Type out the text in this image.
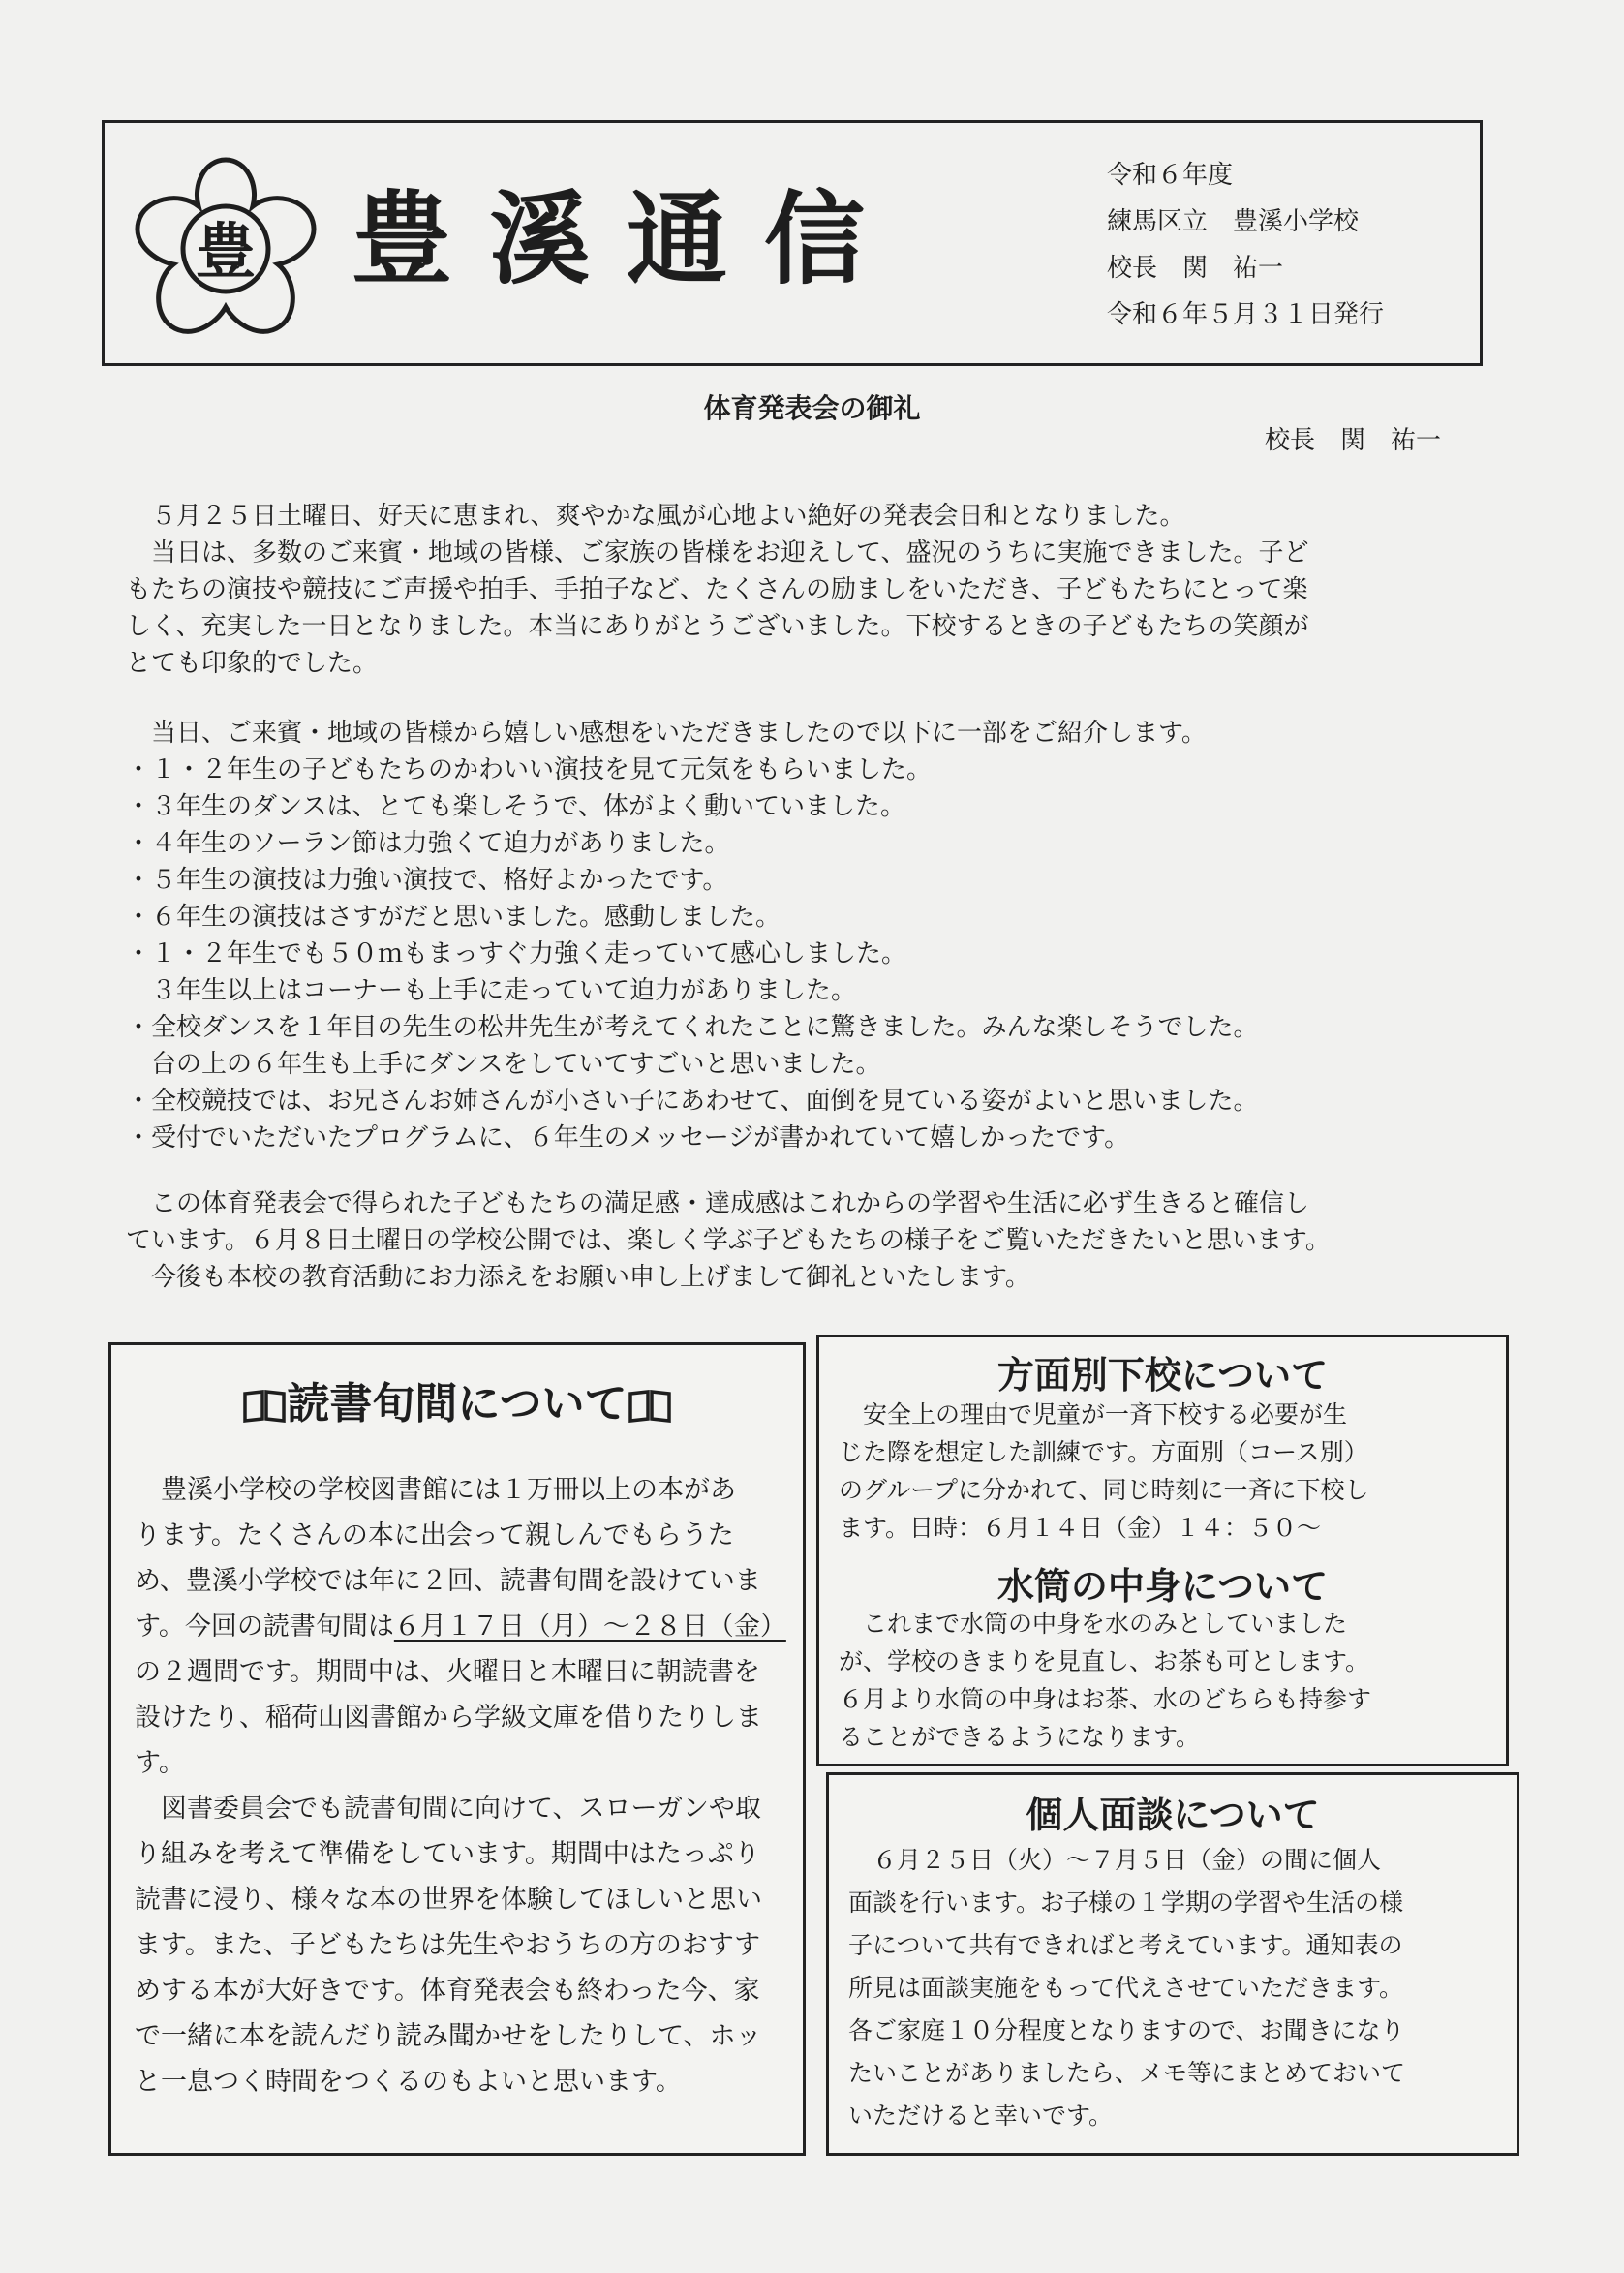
豊 豊溪通信
令和６年度
練馬区立　豊溪小学校
校長　関　祐一
令和６年５月３１日発行
体育発表会の御礼
校長　関　祐一
　５月２５日土曜日、好天に恵まれ、爽やかな風が心地よい絶好の発表会日和となりました。
　当日は、多数のご来賓・地域の皆様、ご家族の皆様をお迎えして、盛況のうちに実施できました。子ど
もたちの演技や競技にご声援や拍手、手拍子など、たくさんの励ましをいただき、子どもたちにとって楽
しく、充実した一日となりました。本当にありがとうございました。下校するときの子どもたちの笑顔が
とても印象的でした。
　当日、ご来賓・地域の皆様から嬉しい感想をいただきましたので以下に一部をご紹介します。
・１・２年生の子どもたちのかわいい演技を見て元気をもらいました。
・３年生のダンスは、とても楽しそうで、体がよく動いていました。
・４年生のソーラン節は力強くて迫力がありました。
・５年生の演技は力強い演技で、格好よかったです。
・６年生の演技はさすがだと思いました。感動しました。
・１・２年生でも５０ｍもまっすぐ力強く走っていて感心しました。
　３年生以上はコーナーも上手に走っていて迫力がありました。
・全校ダンスを１年目の先生の松井先生が考えてくれたことに驚きました。みんな楽しそうでした。
　台の上の６年生も上手にダンスをしていてすごいと思いました。
・全校競技では、お兄さんお姉さんが小さい子にあわせて、面倒を見ている姿がよいと思いました。
・受付でいただいたプログラムに、６年生のメッセージが書かれていて嬉しかったです。
　この体育発表会で得られた子どもたちの満足感・達成感はこれからの学習や生活に必ず生きると確信し
ています。６月８日土曜日の学校公開では、楽しく学ぶ子どもたちの様子をご覧いただきたいと思います。
　今後も本校の教育活動にお力添えをお願い申し上げまして御礼といたします。
読書旬間について
　豊溪小学校の学校図書館には１万冊以上の本があ
ります。たくさんの本に出会って親しんでもらうた
め、豊溪小学校では年に２回、読書旬間を設けていま
す。今回の読書旬間は６月１７日（月）～２８日（金）
の２週間です。期間中は、火曜日と木曜日に朝読書を
設けたり、稲荷山図書館から学級文庫を借りたりしま
す。
　図書委員会でも読書旬間に向けて、スローガンや取
り組みを考えて準備をしています。期間中はたっぷり
読書に浸り、様々な本の世界を体験してほしいと思い
ます。また、子どもたちは先生やおうちの方のおすす
めする本が大好きです。体育発表会も終わった今、家
で一緒に本を読んだり読み聞かせをしたりして、ホッ
と一息つく時間をつくるのもよいと思います。
方面別下校について
　安全上の理由で児童が一斉下校する必要が生
じた際を想定した訓練です。方面別（コース別）
のグループに分かれて、同じ時刻に一斉に下校し
ます。日時：６月１４日（金）１４：５０～
水筒の中身について
　これまで水筒の中身を水のみとしていました
が、学校のきまりを見直し、お茶も可とします。
６月より水筒の中身はお茶、水のどちらも持参す
ることができるようになります。
個人面談について
　６月２５日（火）～７月５日（金）の間に個人
面談を行います。お子様の１学期の学習や生活の様
子について共有できればと考えています。通知表の
所見は面談実施をもって代えさせていただきます。
各ご家庭１０分程度となりますので、お聞きになり
たいことがありましたら、メモ等にまとめておいて
いただけると幸いです。
